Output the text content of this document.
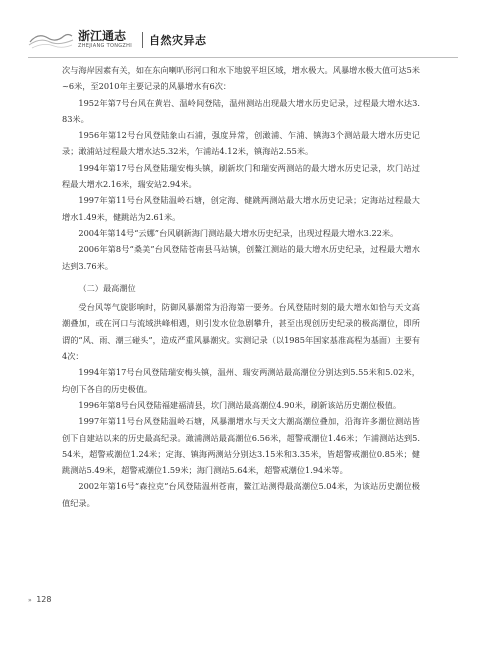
浙江通志
ZHEJIANG TONGZHI	自然灾异志

次与海岸因素有关，如在东向喇叭形河口和水下地貌平坦区域，增水极大。风暴增水极大值可达5米~6米，至2010年主要记录的风暴增水有6次：

1952年第7号台风在黄岩、温岭间登陆，温州测站出现最大增水历史记录，过程最大增水达3.83米。

1956年第12号台风登陆象山石浦，强度异常，创澉浦、乍浦、镇海3个测站最大增水历史记录；澉浦站过程最大增水达5.32米，乍浦站4.12米，镇海站2.55米。

1994年第17号台风登陆瑞安梅头镇，刷新坎门和瑞安两测站的最大增水历史记录，坎门站过程最大增水2.16米，瑞安站2.94米。

1997年第11号台风登陆温岭石塘，创定海、健跳两测站最大增水历史记录；定海站过程最大增水1.49米，健跳站为2.61米。

2004年第14号“云娜”台风刷新海门测站最大增水历史纪录，出现过程最大增水3.22米。

2006年第8号“桑美”台风登陆苍南县马站镇，创鳌江测站的最大增水历史纪录，过程最大增水达到3.76米。

（二）最高潮位

受台风等气旋影响时，防御风暴潮常为沿海第一要务。台风登陆时刻的最大增水如恰与天文高潮叠加，或在河口与流域洪峰相遇，则引发水位急剧攀升，甚至出现创历史纪录的极高潮位，即所谓的“风、雨、潮三碰头”，造成严重风暴潮灾。实测记录（以1985年国家基准高程为基面）主要有4次：

1994年第17号台风登陆瑞安梅头镇，温州、瑞安两测站最高潮位分别达到5.55米和5.02米，均创下各自的历史极值。

1996年第8号台风登陆福建福清县，坎门测站最高潮位4.90米，刷新该站历史潮位极值。

1997年第11号台风登陆温岭石塘，风暴潮增水与天文大潮高潮位叠加，沿海许多潮位测站皆创下自建站以来的历史最高纪录。澉浦测站最高潮位6.56米，超警戒潮位1.46米；乍浦测站达到5.54米，超警戒潮位1.24米；定海、镇海两测站分别达3.15米和3.35米，皆超警戒潮位0.85米；健跳测站5.49米，超警戒潮位1.59米；海门测站5.64米，超警戒潮位1.94米等。

2002年第16号“森拉克”台风登陆温州苍南，鳌江站测得最高潮位5.04米，为该站历史潮位极值纪录。

» 128
